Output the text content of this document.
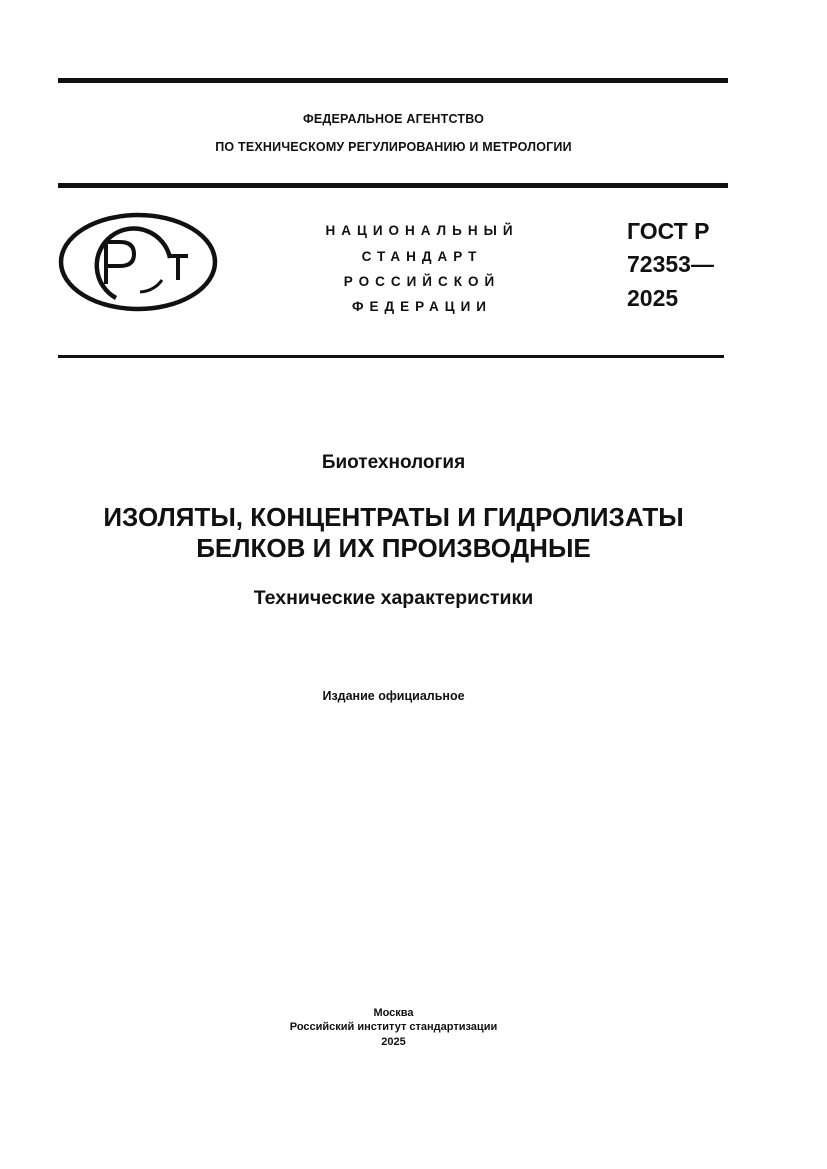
ФЕДЕРАЛЬНОЕ АГЕНТСТВО
ПО ТЕХНИЧЕСКОМУ РЕГУЛИРОВАНИЮ И МЕТРОЛОГИИ
НАЦИОНАЛЬНЫЙ
СТАНДАРТ
РОССИЙСКОЙ
ФЕДЕРАЦИИ
ГОСТ Р
72353—
2025
Биотехнология
ИЗОЛЯТЫ, КОНЦЕНТРАТЫ И ГИДРОЛИЗАТЫ
БЕЛКОВ И ИХ ПРОИЗВОДНЫЕ
Технические характеристики
Издание официальное
Москва
Российский институт стандартизации
2025
